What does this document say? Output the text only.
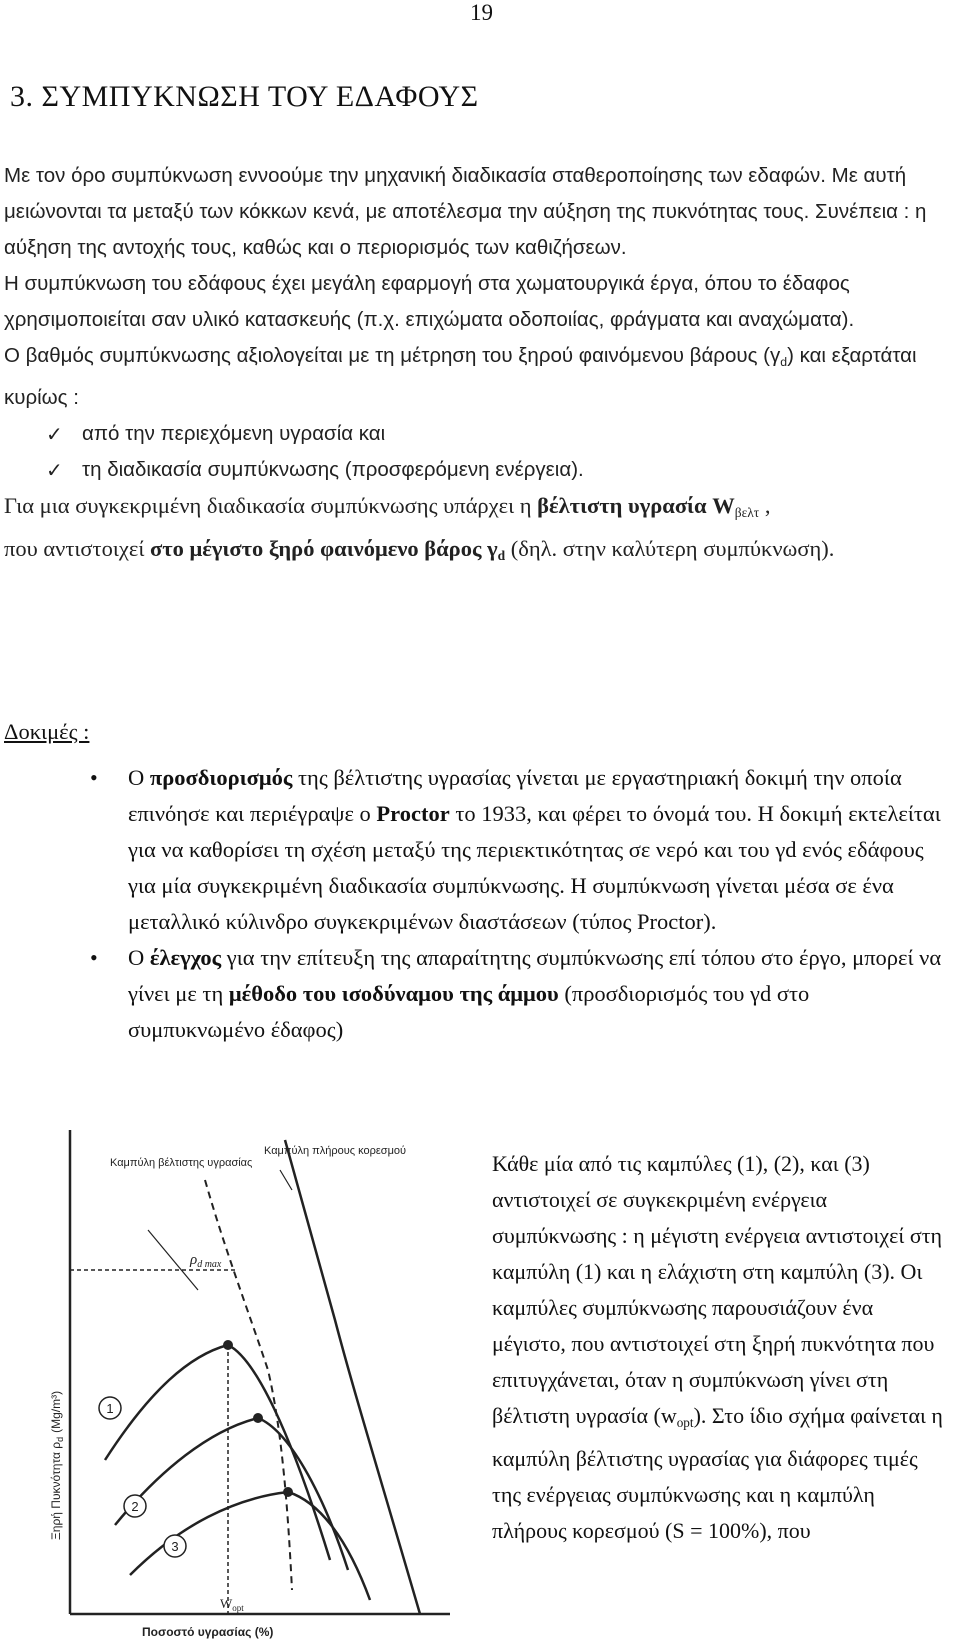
19
3. ΣΥΜΠΥΚΝΩΣΗ ΤΟΥ ΕΔΑΦΟΥΣ

Με τον όρο συμπύκνωση εννοούμε την μηχανική διαδικασία σταθεροποίησης των εδαφών. Με αυτή μειώνονται τα μεταξύ των κόκκων κενά, με αποτέλεσμα την αύξηση της πυκνότητας τους. Συνέπεια : η αύξηση της αντοχής τους, καθώς και ο περιορισμός των καθιζήσεων.

Η συμπύκνωση του εδάφους έχει μεγάλη εφαρμογή στα χωματουργικά έργα, όπου το έδαφος χρησιμοποιείται σαν υλικό κατασκευής (π.χ. επιχώματα οδοποιίας, φράγματα και αναχώματα).

Ο βαθμός συμπύκνωσης αξιολογείται με τη μέτρηση του ξηρού φαινόμενου βάρους $(\gamma_d)$ και εξαρτάται κυρίως :

✓ από την περιεχόμενη υγρασία και
✓ τη διαδικασία συμπύκνωσης (προσφερόμενη ενέργεια).

Για μια συγκεκριμένη διαδικασία συμπύκνωσης υπάρχει η βέλτιστη υγρασία $W_{\beta\varepsilon\lambda\tau}$ ,

που αντιστοιχεί στο μέγιστο ξηρό φαινόμενο βάρος $\gamma_d$ (δηλ. στην καλύτερη συμπύκνωση).

Δοκιμές :

• Ο προσδιορισμός της βέλτιστης υγρασίας γίνεται με εργαστηριακή δοκιμή την οποία επινόησε και περιέγραψε ο Proctor το 1933, και φέρει το όνομά του. Η δοκιμή εκτελείται για να καθορίσει τη σχέση μεταξύ της περιεκτικότητας σε νερό και του γd ενός εδάφους για μία συγκεκριμένη διαδικασία συμπύκνωσης. Η συμπύκνωση γίνεται μέσα σε ένα μεταλλικό κύλινδρο συγκεκριμένων διαστάσεων (τύπος Proctor).
• Ο έλεγχος για την επίτευξη της απαραίτητης συμπύκνωσης επί τόπου στο έργο, μπορεί να γίνει με τη μέθοδο του ισοδύναμου της άμμου (προσδιορισμός του γd στο συμπυκνωμένο έδαφος)
Καμπύλη βέλτιστης υγρασίας
Καμπύλη πλήρους κορεσμού
$\rho_{d max}$
$W_{opt}$
Ποσοστό υγρασίας (%)
Ξηρή Πυκνότητα $\rho_d(Mg/m^3)$	1
2
3

Κάθε μία από τις καμπύλες (1), (2), και (3) αντιστοιχεί σε συγκεκριμένη ενέργεια συμπύκνωσης : η μέγιστη ενέργεια αντιστοιχεί στη καμπύλη (1) και η ελάχιστη στη καμπύλη (3). Οι καμπύλες συμπύκνωσης παρουσιάζουν ένα μέγιστο, που αντιστοιχεί στη ξηρή πυκνότητα που επιτυγχάνεται, όταν η συμπύκνωση γίνει στη βέλτιστη υγρασία $(w_{opt})$. Στο ίδιο σχήμα φαίνεται η καμπύλη βέλτιστης υγρασίας για διάφορες τιμές της ενέργειας συμπύκνωσης και η καμπύλη πλήρους κορεσμού (S = 100%), που
